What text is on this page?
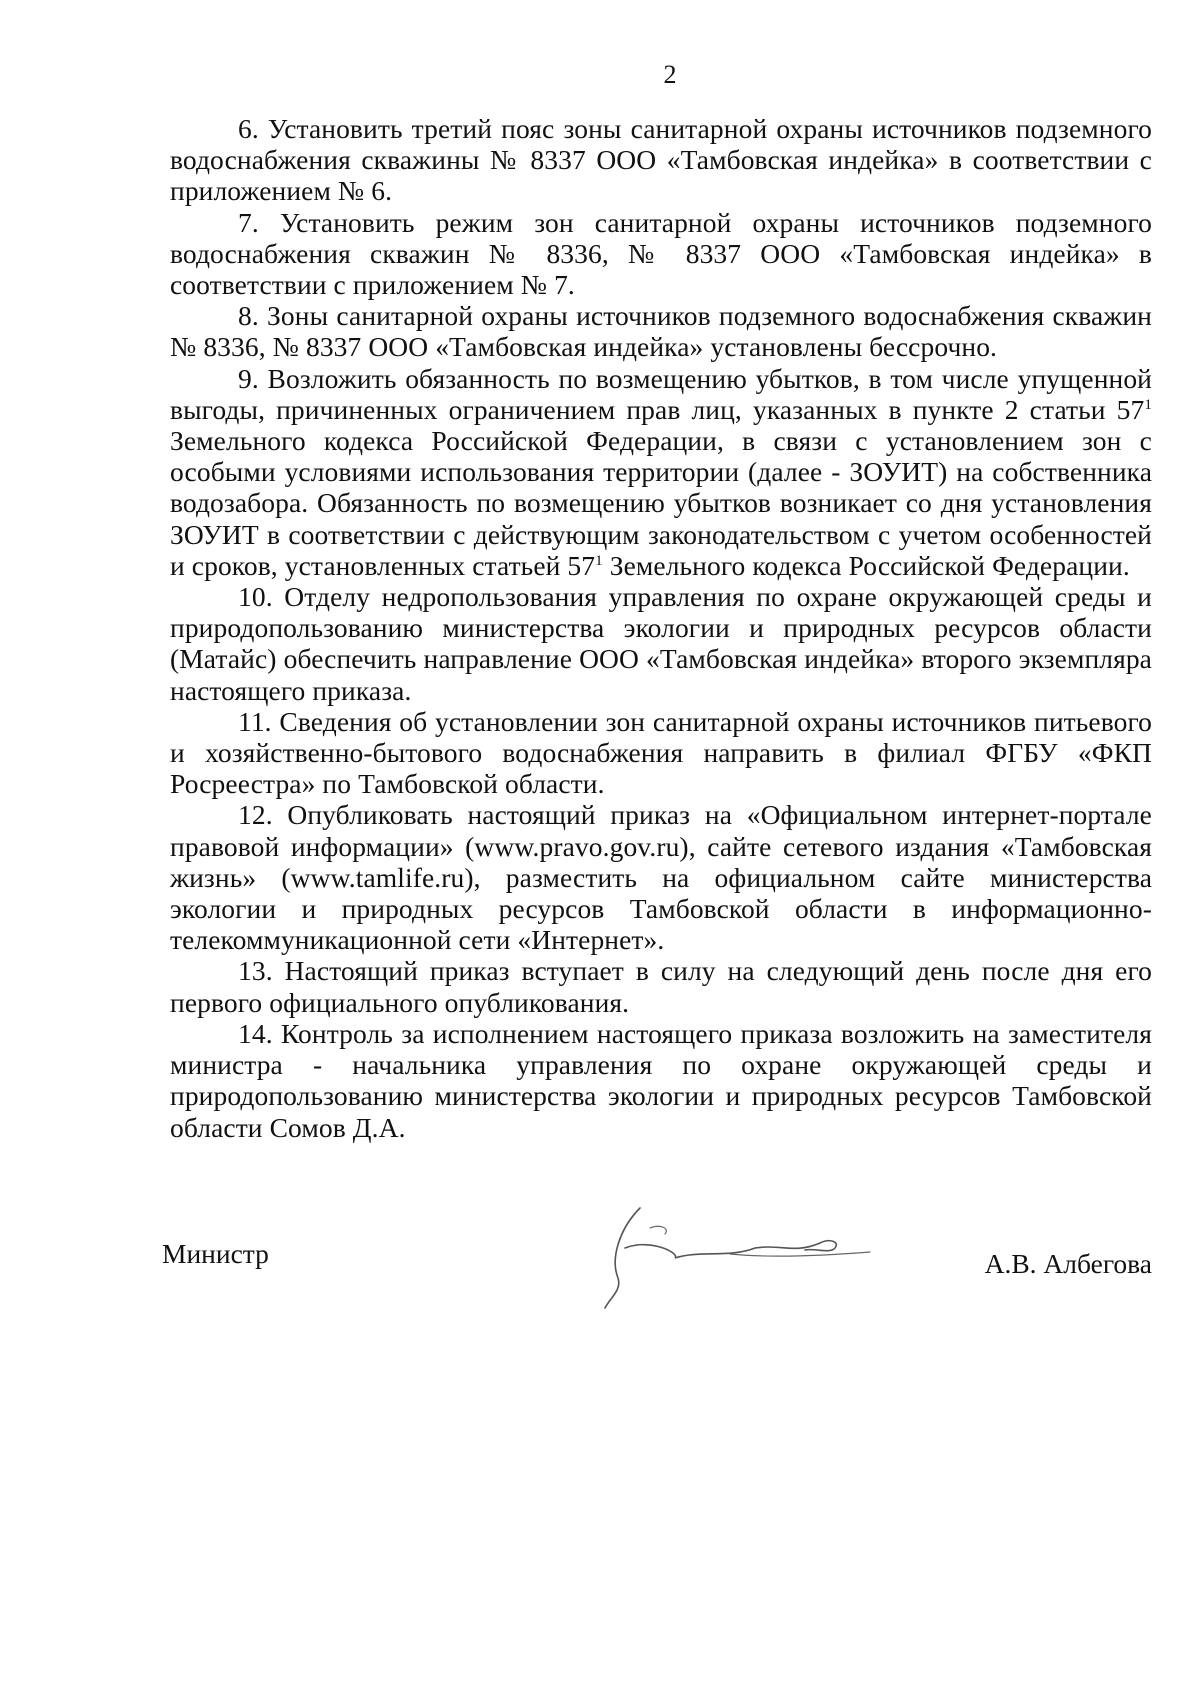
2

6. Установить третий пояс зоны санитарной охраны источников подземного водоснабжения скважины № 8337 ООО «Тамбовская индейка» в соответствии с приложением № 6.

7. Установить режим зон санитарной охраны источников подземного водоснабжения скважин № 8336, № 8337 ООО «Тамбовская индейка» в соответствии с приложением № 7.

8. Зоны санитарной охраны источников подземного водоснабжения скважин № 8336, № 8337 ООО «Тамбовская индейка» установлены бессрочно.

9. Возложить обязанность по возмещению убытков, в том числе упущенной выгоды, причиненных ограничением прав лиц, указанных в пункте 2 статьи $57^1$ Земельного кодекса Российской Федерации, в связи с установлением зон с особыми условиями использования территории (далее - ЗОУИТ) на собственника водозабора. Обязанность по возмещению убытков возникает со дня установления ЗОУИТ в соответствии с действующим законодательством с учетом особенностей и сроков, установленных статьей $57^1$ Земельного кодекса Российской Федерации.

10. Отделу недропользования управления по охране окружающей среды и природопользованию министерства экологии и природных ресурсов области (Матайс) обеспечить направление ООО «Тамбовская индейка» второго экземпляра настоящего приказа.

11. Сведения об установлении зон санитарной охраны источников питьевого и хозяйственно-бытового водоснабжения направить в филиал ФГБУ «ФКП Росреестра» по Тамбовской области.

12. Опубликовать настоящий приказ на «Официальном интернет-портале правовой информации» (www.pravo.gov.ru), сайте сетевого издания «Тамбовская жизнь» (www.tamlife.ru), разместить на официальном сайте министерства экологии и природных ресурсов Тамбовской области в информационно-телекоммуникационной сети «Интернет».

13. Настоящий приказ вступает в силу на следующий день после дня его первого официального опубликования.

14. Контроль за исполнением настоящего приказа возложить на заместителя министра - начальника управления по охране окружающей среды и природопользованию министерства экологии и природных ресурсов Тамбовской области Сомов Д.А.

Министр	А.В. Албегова
